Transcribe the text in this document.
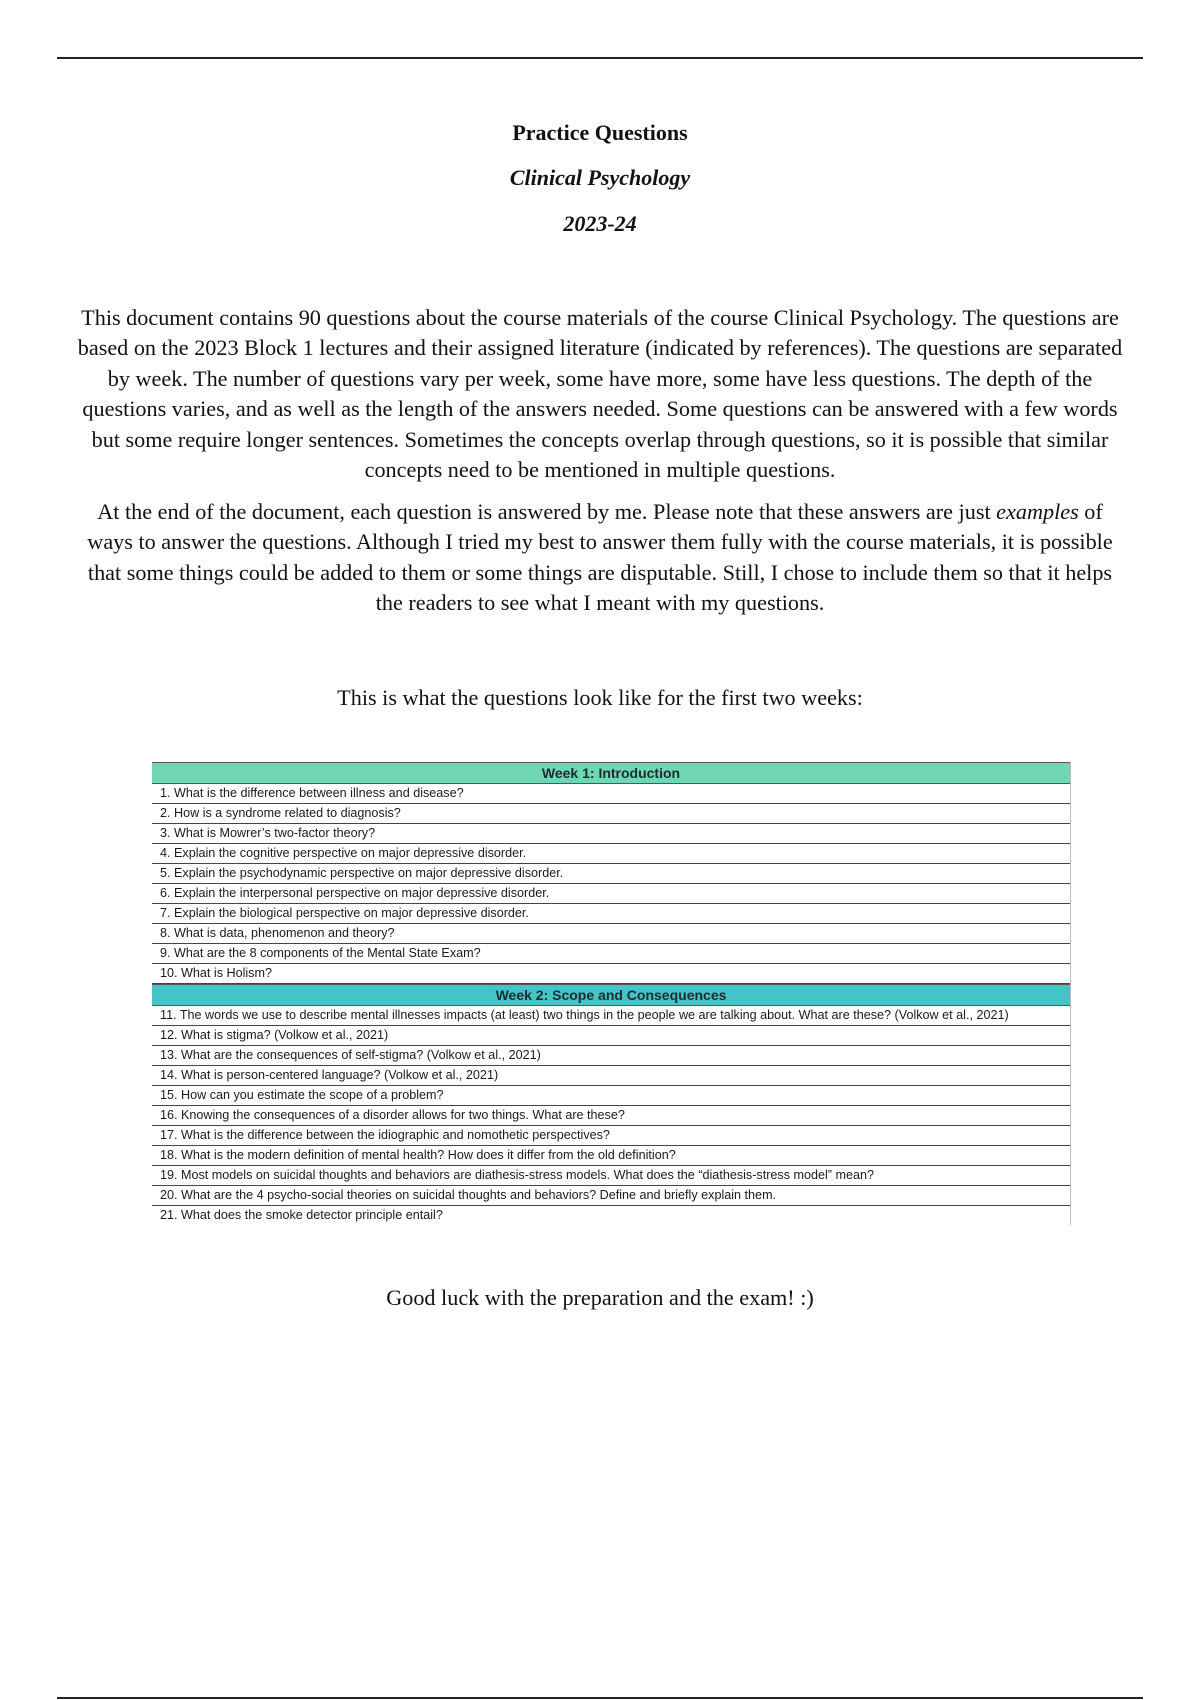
Practice Questions
Clinical Psychology
2023-24

This document contains 90 questions about the course materials of the course Clinical Psychology. The questions are based on the 2023 Block 1 lectures and their assigned literature (indicated by references). The questions are separated by week. The number of questions vary per week, some have more, some have less questions. The depth of the questions varies, and as well as the length of the answers needed. Some questions can be answered with a few words but some require longer sentences. Sometimes the concepts overlap through questions, so it is possible that similar concepts need to be mentioned in multiple questions.

At the end of the document, each question is answered by me. Please note that these answers are just examples of ways to answer the questions. Although I tried my best to answer them fully with the course materials, it is possible that some things could be added to them or some things are disputable. Still, I chose to include them so that it helps the readers to see what I meant with my questions.

This is what the questions look like for the first two weeks:

Week 1: Introduction
1. What is the difference between illness and disease?
2. How is a syndrome related to diagnosis?
3. What is Mowrer’s two-factor theory?
4. Explain the cognitive perspective on major depressive disorder.
5. Explain the psychodynamic perspective on major depressive disorder.
6. Explain the interpersonal perspective on major depressive disorder.
7. Explain the biological perspective on major depressive disorder.
8. What is data, phenomenon and theory?
9. What are the 8 components of the Mental State Exam?
10. What is Holism?
Week 2: Scope and Consequences
11. The words we use to describe mental illnesses impacts (at least) two things in the people we are talking about. What are these? (Volkow et al., 2021)
12. What is stigma? (Volkow et al., 2021)
13. What are the consequences of self-stigma? (Volkow et al., 2021)
14. What is person-centered language? (Volkow et al., 2021)
15. How can you estimate the scope of a problem?
16. Knowing the consequences of a disorder allows for two things. What are these?
17. What is the difference between the idiographic and nomothetic perspectives?
18. What is the modern definition of mental health? How does it differ from the old definition?
19. Most models on suicidal thoughts and behaviors are diathesis-stress models. What does the “diathesis-stress model” mean?
20. What are the 4 psycho-social theories on suicidal thoughts and behaviors? Define and briefly explain them.
21. What does the smoke detector principle entail?

Good luck with the preparation and the exam! :)
